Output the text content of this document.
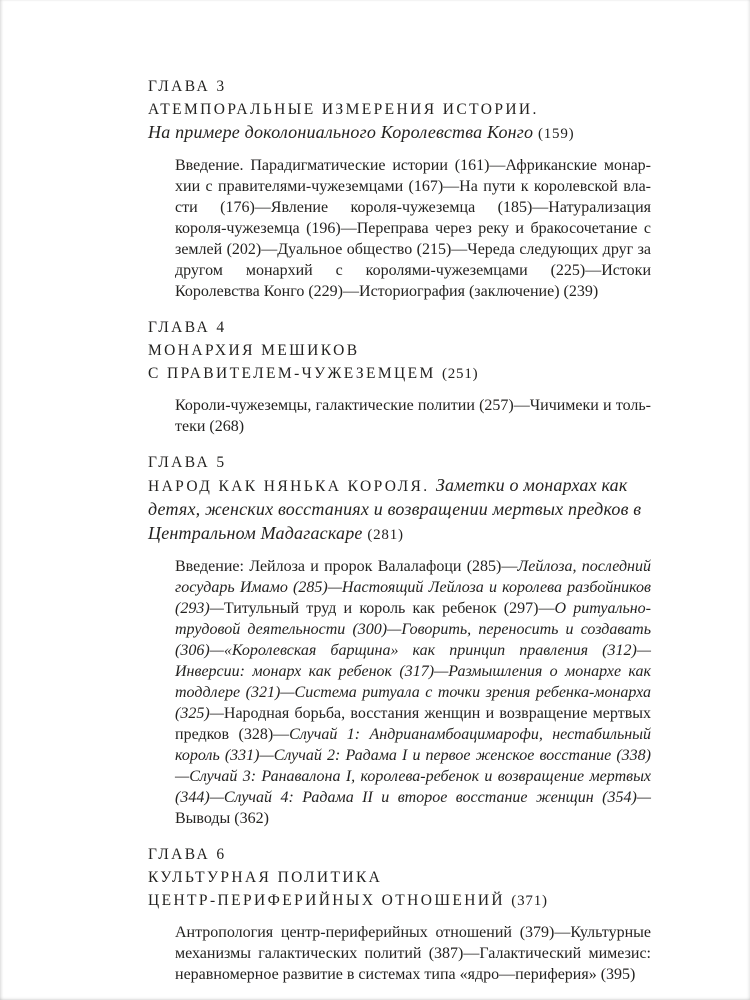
ГЛАВА 3
АТЕМПОРАЛЬНЫЕ ИЗМЕРЕНИЯ ИСТОРИИ.
На примере доколониального Королевства Конго (159)

Введение. Парадигматические истории (161)—Африканские монархии с правителями-чужеземцами (167)—На пути к королевской власти (176)—Явление короля-чужеземца (185)—Натурализация короля-чужеземца (196)—Переправа через реку и бракосочетание с землей (202)—Дуальное общество (215)—Череда следующих друг за другом монархий с королями-чужеземцами (225)—Истоки Королевства Конго (229)—Историография (заключение) (239)

ГЛАВА 4
МОНАРХИЯ МЕШИКОВ
С ПРАВИТЕЛЕМ-ЧУЖЕЗЕМЦЕМ (251)

Короли-чужеземцы, галактические политии (257)—Чичимеки и тольтеки (268)

ГЛАВА 5
НАРОД КАК НЯНЬКА КОРОЛЯ. Заметки о монархах как детях, женских восстаниях и возвращении мертвых предков в Центральном Мадагаскаре (281)

Введение: Лейлоза и пророк Валалафоци (285)—Лейлоза, последний государь Имамо (285)—Настоящий Лейлоза и королева разбойников (293)—Титульный труд и король как ребенок (297)—О ритуально-трудовой деятельности (300)—Говорить, переносить и создавать (306)—«Королевская барщина» как принцип правления (312)—Инверсии: монарх как ребенок (317)—Размышления о монархе как тоддлере (321)—Система ритуала с точки зрения ребенка-монарха (325)—Народная борьба, восстания женщин и возвращение мертвых предков (328)—Случай 1: Андрианамбоацимарофи, нестабильный король (331)—Случай 2: Радама I и первое женское восстание (338)—Случай 3: Ранавалона I, королева-ребенок и возвращение мертвых (344)—Случай 4: Радама II и второе восстание женщин (354)—Выводы (362)

ГЛАВА 6
КУЛЬТУРНАЯ ПОЛИТИКА
ЦЕНТР-ПЕРИФЕРИЙНЫХ ОТНОШЕНИЙ (371)

Антропология центр-периферийных отношений (379)—Культурные механизмы галактических политий (387)—Галактический мимезис: неравномерное развитие в системах типа «ядро—периферия» (395)
